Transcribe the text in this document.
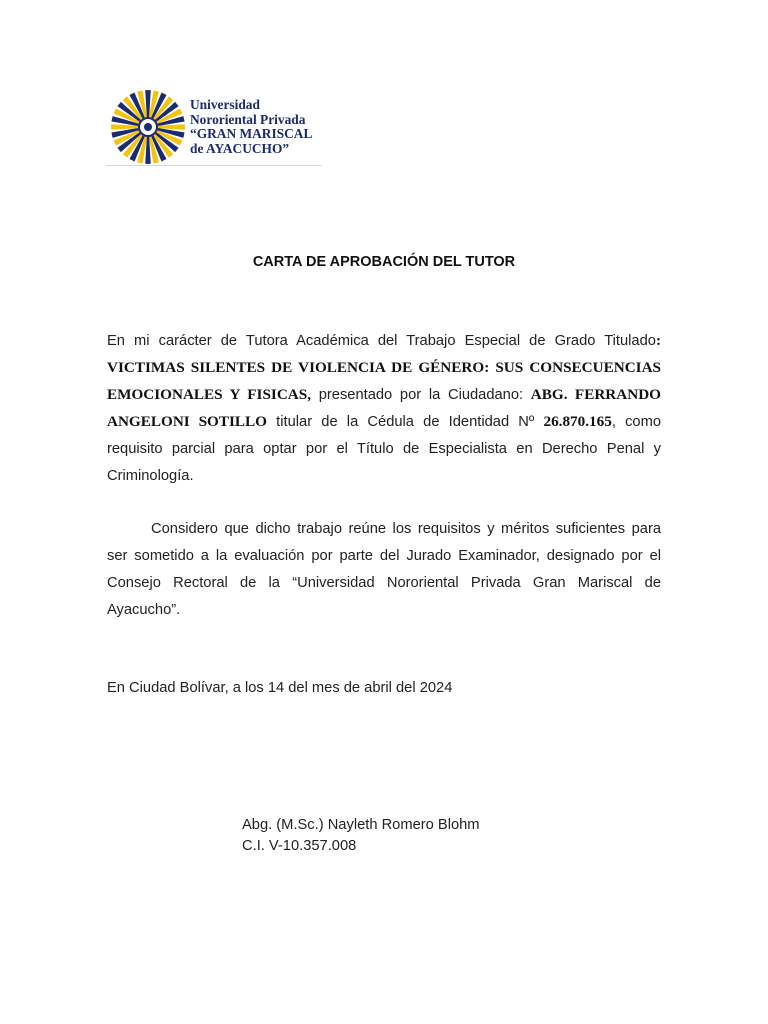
Universidad
Nororiental Privada
“GRAN MARISCAL
de AYACUCHO”
CARTA DE APROBACIÓN DEL TUTOR
En mi carácter de Tutora Académica del Trabajo Especial de Grado Titulado: VICTIMAS SILENTES DE VIOLENCIA DE GÉNERO: SUS CONSECUENCIAS EMOCIONALES Y FISICAS, presentado por la Ciudadano: ABG. FERRANDO ANGELONI SOTILLO titular de la Cédula de Identidad Nº 26.870.165, como requisito parcial para optar por el Título de Especialista en Derecho Penal y Criminología.
Considero que dicho trabajo reúne los requisitos y méritos suficientes para ser sometido a la evaluación por parte del Jurado Examinador, designado por el Consejo Rectoral de la “Universidad Nororiental Privada Gran Mariscal de Ayacucho”.
En Ciudad Bolívar, a los 14 del mes de abril del 2024
Abg. (M.Sc.) Nayleth Romero Blohm
C.I. V-10.357.008
